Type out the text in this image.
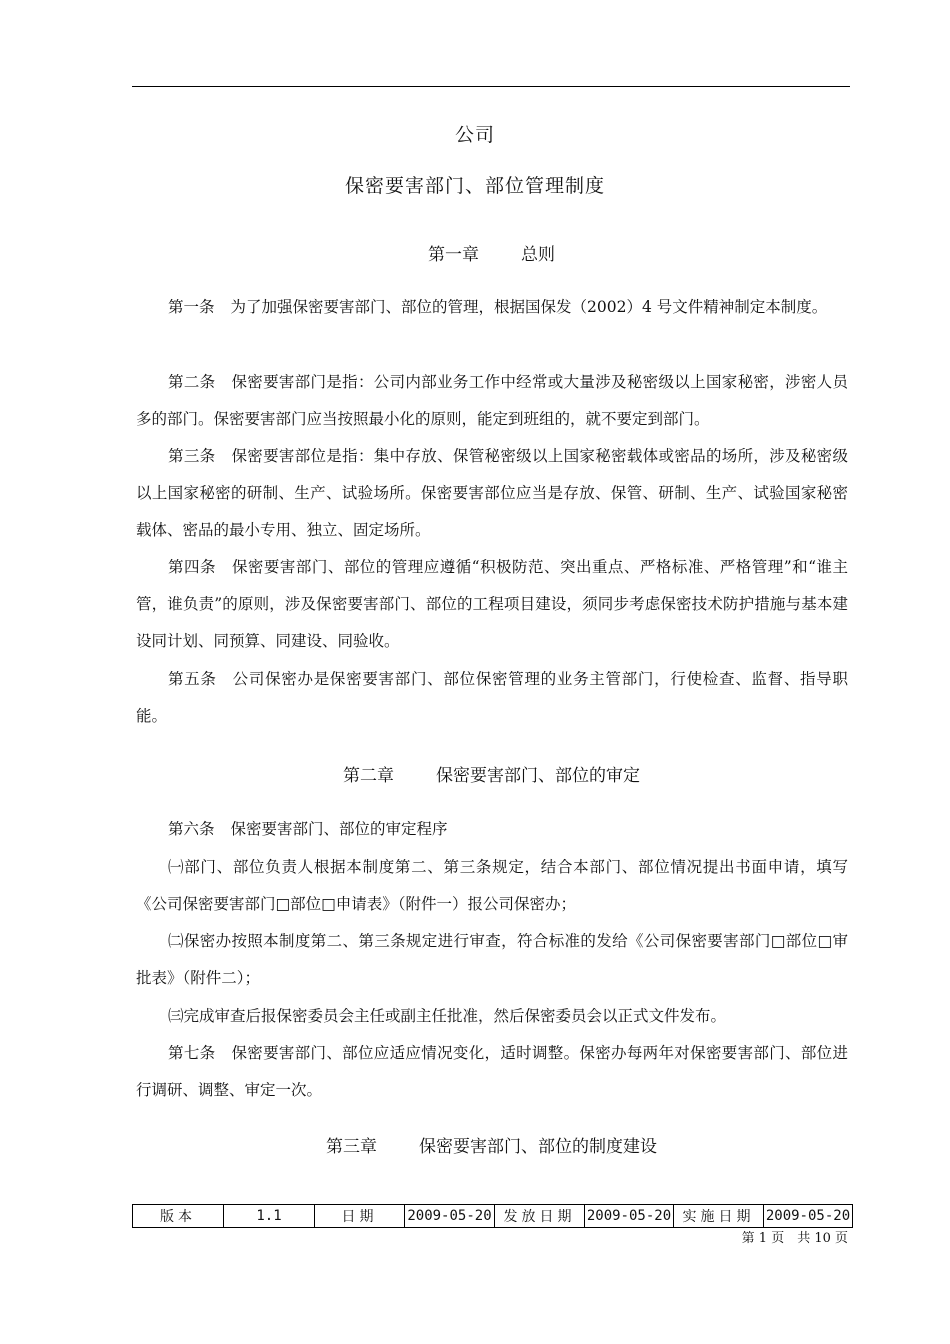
公司
保密要害部门、部位管理制度
第一章 总则
第一条 为了加强保密要害部门、部位的管理，根据国保发（2002）4 号文件精神制定本制度。
第二条 保密要害部门是指：公司内部业务工作中经常或大量涉及秘密级以上国家秘密，涉密人员多的部门。保密要害部门应当按照最小化的原则，能定到班组的，就不要定到部门。
第三条 保密要害部位是指：集中存放、保管秘密级以上国家秘密载体或密品的场所，涉及秘密级以上国家秘密的研制、生产、试验场所。保密要害部位应当是存放、保管、研制、生产、试验国家秘密载体、密品的最小专用、独立、固定场所。
第四条 保密要害部门、部位的管理应遵循“积极防范、突出重点、严格标准、严格管理”和“谁主管，谁负责”的原则，涉及保密要害部门、部位的工程项目建设，须同步考虑保密技术防护措施与基本建设同计划、同预算、同建设、同验收。
第五条 公司保密办是保密要害部门、部位保密管理的业务主管部门，行使检查、监督、指导职能。
第二章 保密要害部门、部位的审定
第六条 保密要害部门、部位的审定程序
㈠部门、部位负责人根据本制度第二、第三条规定，结合本部门、部位情况提出书面申请，填写《公司保密要害部门□部位□申请表》（附件一）报公司保密办；
㈡保密办按照本制度第二、第三条规定进行审查，符合标准的发给《公司保密要害部门□部位□审批表》（附件二）；
㈢完成审查后报保密委员会主任或副主任批准，然后保密委员会以正式文件发布。
第七条 保密要害部门、部位应适应情况变化，适时调整。保密办每两年对保密要害部门、部位进行调研、调整、审定一次。
第三章 保密要害部门、部位的制度建设
版本	1.1	日期	2009-05-20	发放日期	2009-05-20	实施日期	2009-05-20
第 1 页　共 10 页
